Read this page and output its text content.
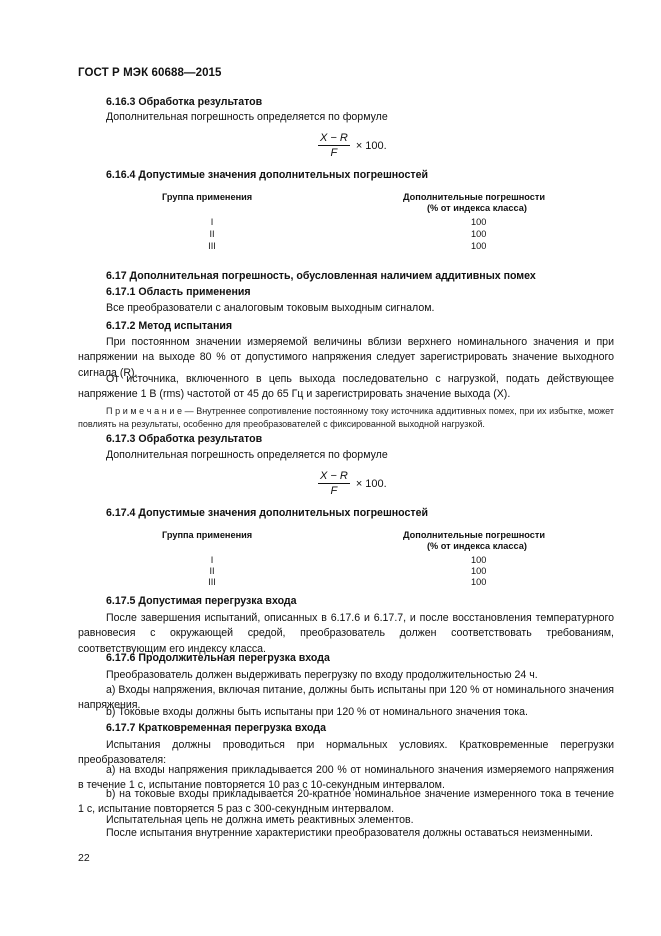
ГОСТ Р МЭК 60688—2015
6.16.3 Обработка результатов
Дополнительная погрешность определяется по формуле
$\frac{X - R}{F} \times 100$.
6.16.4 Допустимые значения дополнительных погрешностей
Группа применения	Дополнительные погрешности
(% от индекса класса)
I	100
II	100
III	100
6.17 Дополнительная погрешность, обусловленная наличием аддитивных помех
6.17.1 Область применения
Все преобразователи с аналоговым токовым выходным сигналом.
6.17.2 Метод испытания
При постоянном значении измеряемой величины вблизи верхнего номинального значения и при напряжении на выходе 80 % от допустимого напряжения следует зарегистрировать значение выходного сигнала (R).
От источника, включенного в цепь выхода последовательно с нагрузкой, подать действующее напряжение 1 В (rms) частотой от 45 до 65 Гц и зарегистрировать значение выхода (X).
П р и м е ч а н и е — Внутреннее сопротивление постоянному току источника аддитивных помех, при их избытке, может повлиять на результаты, особенно для преобразователей с фиксированной выходной нагрузкой.
6.17.3 Обработка результатов
Дополнительная погрешность определяется по формуле
$\frac{X - R}{F} \times 100$.
6.17.4 Допустимые значения дополнительных погрешностей
Группа применения	Дополнительные погрешности
(% от индекса класса)
I	100
II	100
III	100
6.17.5 Допустимая перегрузка входа
После завершения испытаний, описанных в 6.17.6 и 6.17.7, и после восстановления температурного равновесия с окружающей средой, преобразователь должен соответствовать требованиям, соответствующим его индексу класса.
6.17.6 Продолжительная перегрузка входа
Преобразователь должен выдерживать перегрузку по входу продолжительностью 24 ч.
a) Входы напряжения, включая питание, должны быть испытаны при 120 % от номинального значения напряжения.
b) Токовые входы должны быть испытаны при 120 % от номинального значения тока.
6.17.7 Кратковременная перегрузка входа
Испытания должны проводиться при нормальных условиях. Кратковременные перегрузки преобразователя:
a) на входы напряжения прикладывается 200 % от номинального значения измеряемого напряжения в течение 1 с, испытание повторяется 10 раз с 10-секундным интервалом.
b) на токовые входы прикладывается 20-кратное номинальное значение измеренного тока в течение 1 с, испытание повторяется 5 раз с 300-секундным интервалом.
Испытательная цепь не должна иметь реактивных элементов.
После испытания внутренние характеристики преобразователя должны оставаться неизменными.
22
